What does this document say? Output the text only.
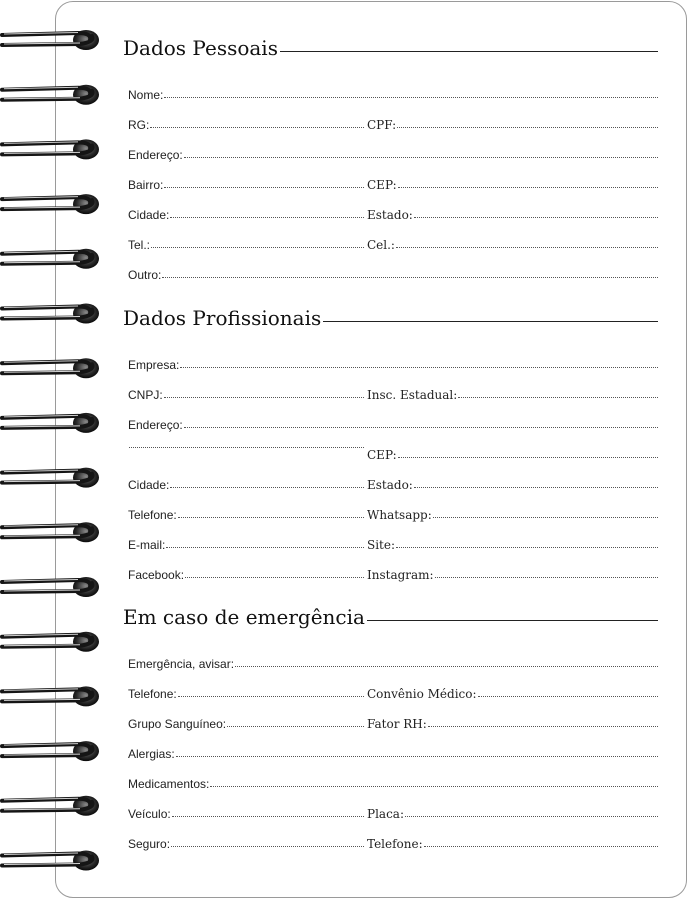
Dados Pessoais
Nome:
RG:	CPF:
Endereço:
Bairro:	CEP:
Cidade:	Estado:
Tel.:	Cel.:
Outro:
Dados Profissionais
Empresa:
CNPJ:	Insc. Estadual:
Endereço:
CEP:
Cidade:	Estado:
Telefone:	Whatsapp:
E-mail:	Site:
Facebook:	Instagram:
Em caso de emergência
Emergência, avisar:
Telefone:	Convênio Médico:
Grupo Sanguíneo:	Fator RH:
Alergias:
Medicamentos:
Veículo:	Placa:
Seguro:	Telefone:
